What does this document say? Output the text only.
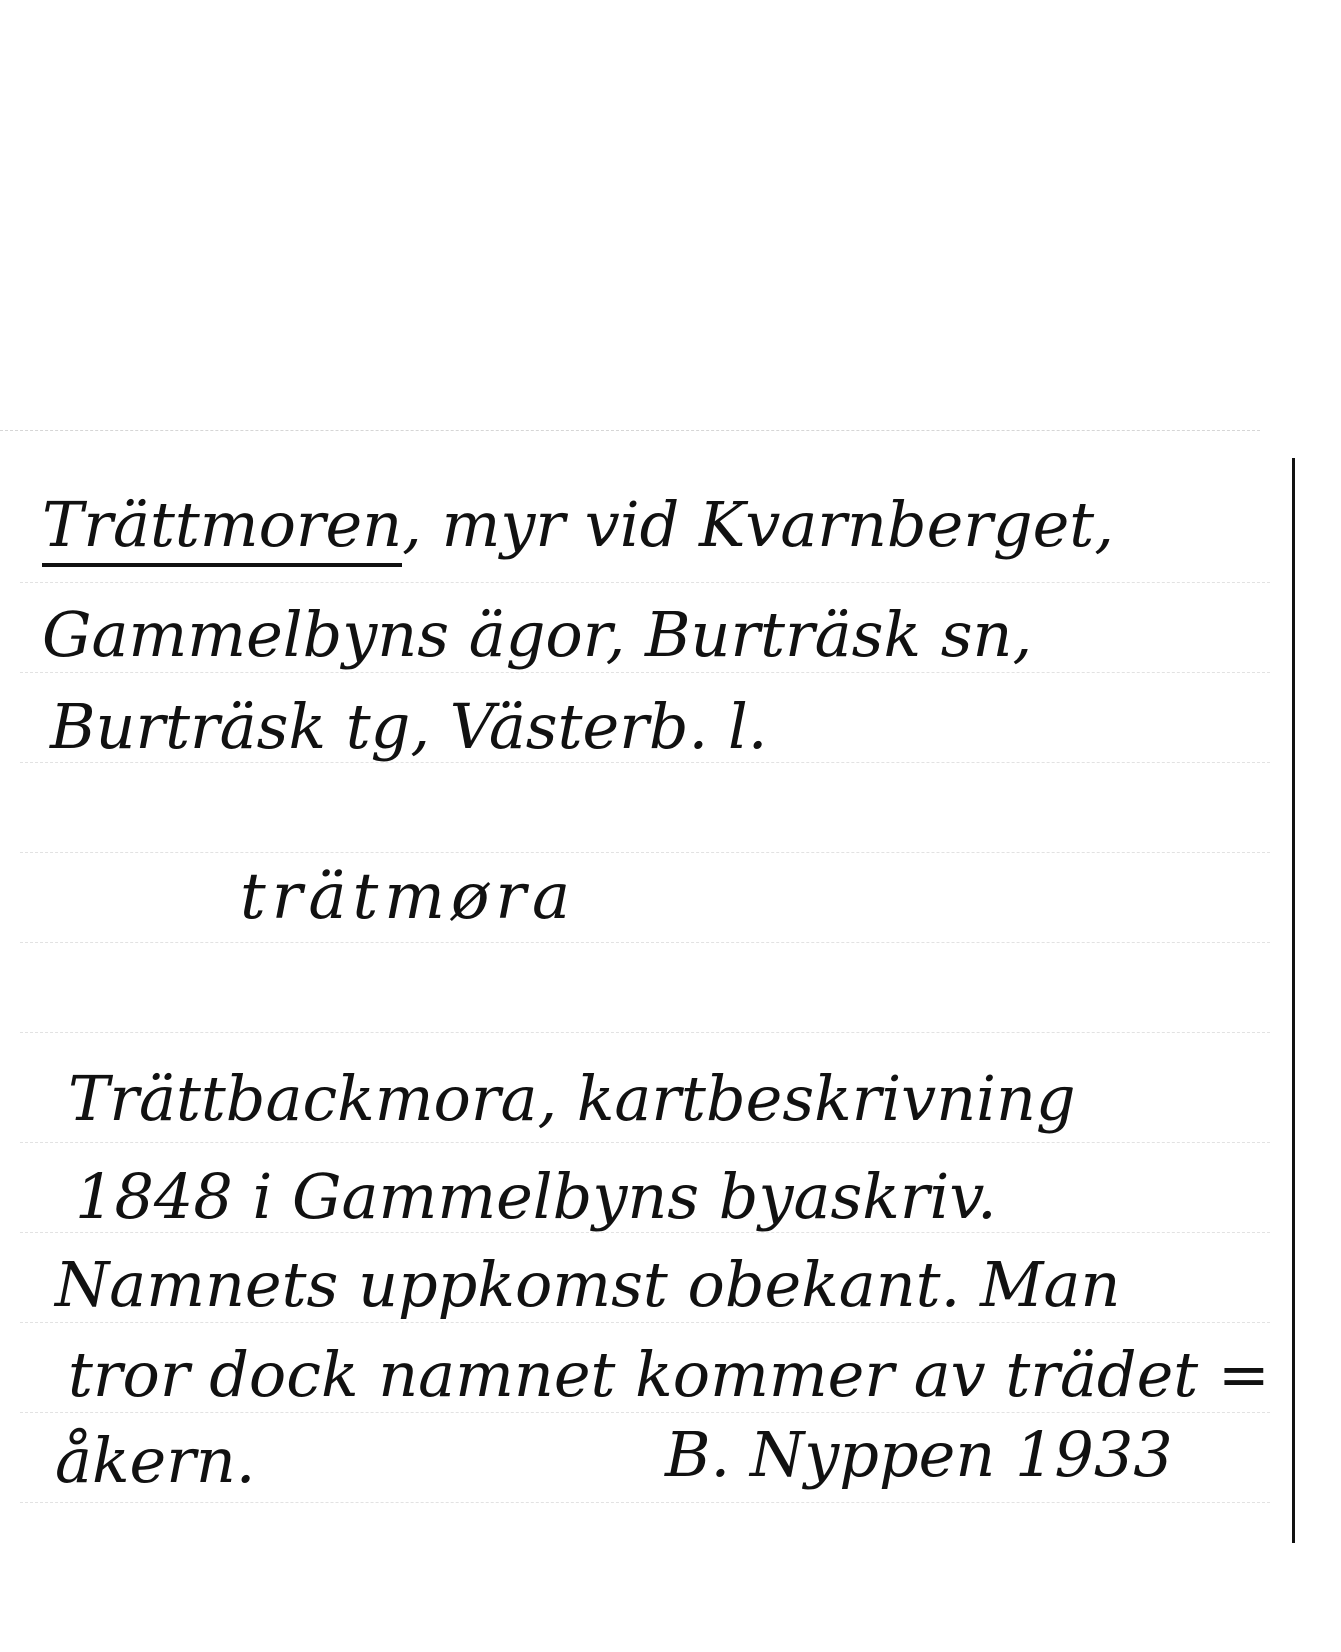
Trättmoren, myr vid Kvarnberget,
Gammelbyns ägor, Burträsk sn,
Burträsk tg, Västerb. l.
trätmøra
Trättbackmora, kartbeskrivning
1848 i Gammelbyns byaskriv.
Namnets uppkomst obekant. Man
tror dock namnet kommer av trädet =
åkern.	B. Nyppen 1933
